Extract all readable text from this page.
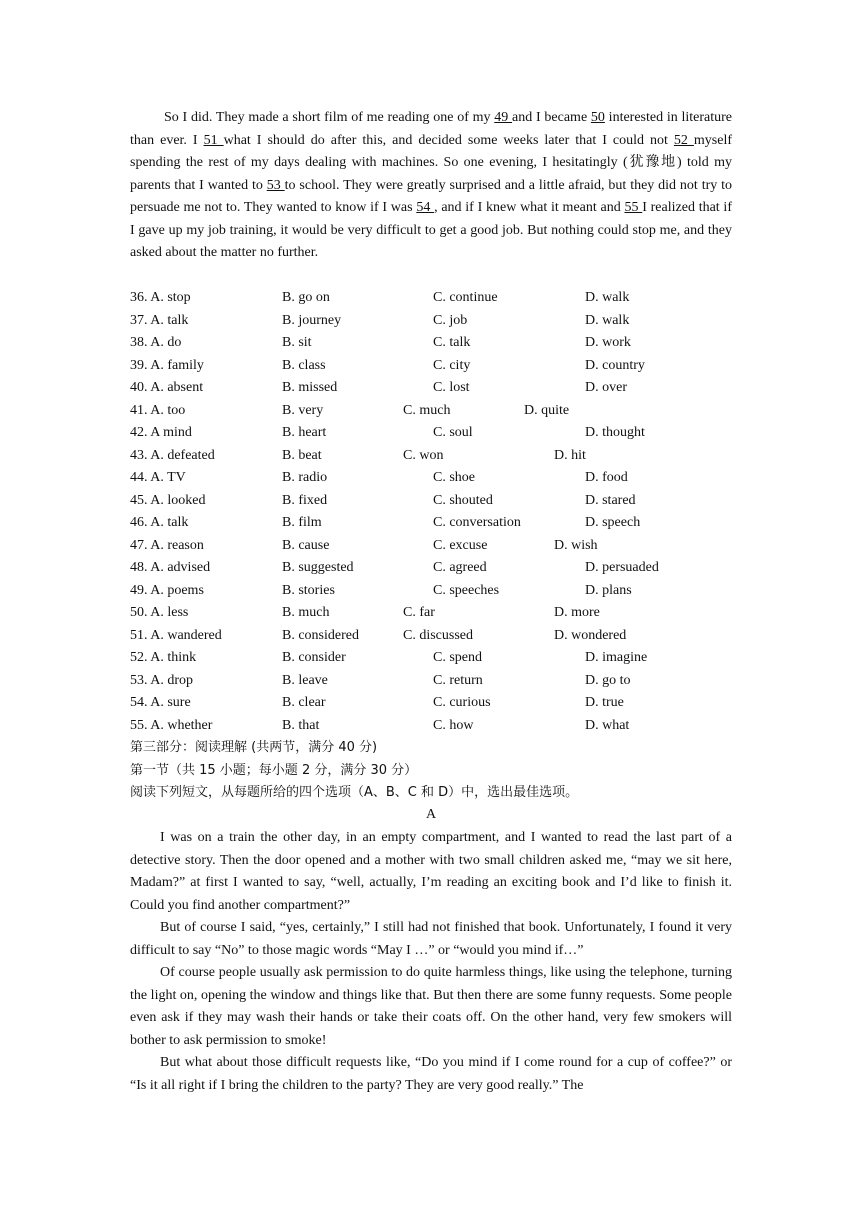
So I did. They made a short film of me reading one of my 49 and I became 50 interested in literature than ever. I 51 what I should do after this, and decided some weeks later that I could not 52 myself spending the rest of my days dealing with machines. So one evening, I hesitatingly (犹豫地) told my parents that I wanted to 53 to school. They were greatly surprised and a little afraid, but they did not try to persuade me not to. They wanted to know if I was 54 , and if I knew what it meant and 55 I realized that if I gave up my job training, it would be very difficult to get a good job. But nothing could stop me, and they asked about the matter no further.
36. A. stop	B. go on	C. continue	D. walk
37. A. talk	B. journey	C. job	D. walk
38. A. do	B. sit	C. talk	D. work
39. A. family	B. class	C. city	D. country
40. A. absent	B. missed	C. lost	D. over
41. A. too	B. very	C. much	D. quite
42. A mind	B. heart	C. soul	D. thought
43. A. defeated	B. beat	C. won	D. hit
44. A. TV	B. radio	C. shoe	D. food
45. A. looked	B. fixed	C. shouted	D. stared
46. A. talk	B. film	C. conversation	D. speech
47. A. reason	B. cause	C. excuse	D. wish
48. A. advised	B. suggested	C. agreed	D. persuaded
49. A. poems	B. stories	C. speeches	D. plans
50. A. less	B. much	C. far	D. more
51. A. wandered	B. considered	C. discussed	D. wondered
52. A. think	B. consider	C. spend	D. imagine
53. A. drop	B. leave	C. return	D. go to
54. A. sure	B. clear	C. curious	D. true
55. A. whether	B. that	C. how	D. what
第三部分：阅读理解 (共两节，满分 40 分)
第一节（共 15 小题；每小题 2 分，满分 30 分）
阅读下列短文，从每题所给的四个选项（A、B、C 和 D）中，选出最佳选项。
A

I was on a train the other day, in an empty compartment, and I wanted to read the last part of a detective story. Then the door opened and a mother with two small children asked me, “may we sit here, Madam?” at first I wanted to say, “well, actually, I’m reading an exciting book and I’d like to finish it. Could you find another compartment?”

But of course I said, “yes, certainly,” I still had not finished that book. Unfortunately, I found it very difficult to say “No” to those magic words “May I …” or “would you mind if…”

Of course people usually ask permission to do quite harmless things, like using the telephone, turning the light on, opening the window and things like that. But then there are some funny requests. Some people even ask if they may wash their hands or take their coats off. On the other hand, very few smokers will bother to ask permission to smoke!

But what about those difficult requests like, “Do you mind if I come round for a cup of coffee?” or “Is it all right if I bring the children to the party? They are very good really.” The
